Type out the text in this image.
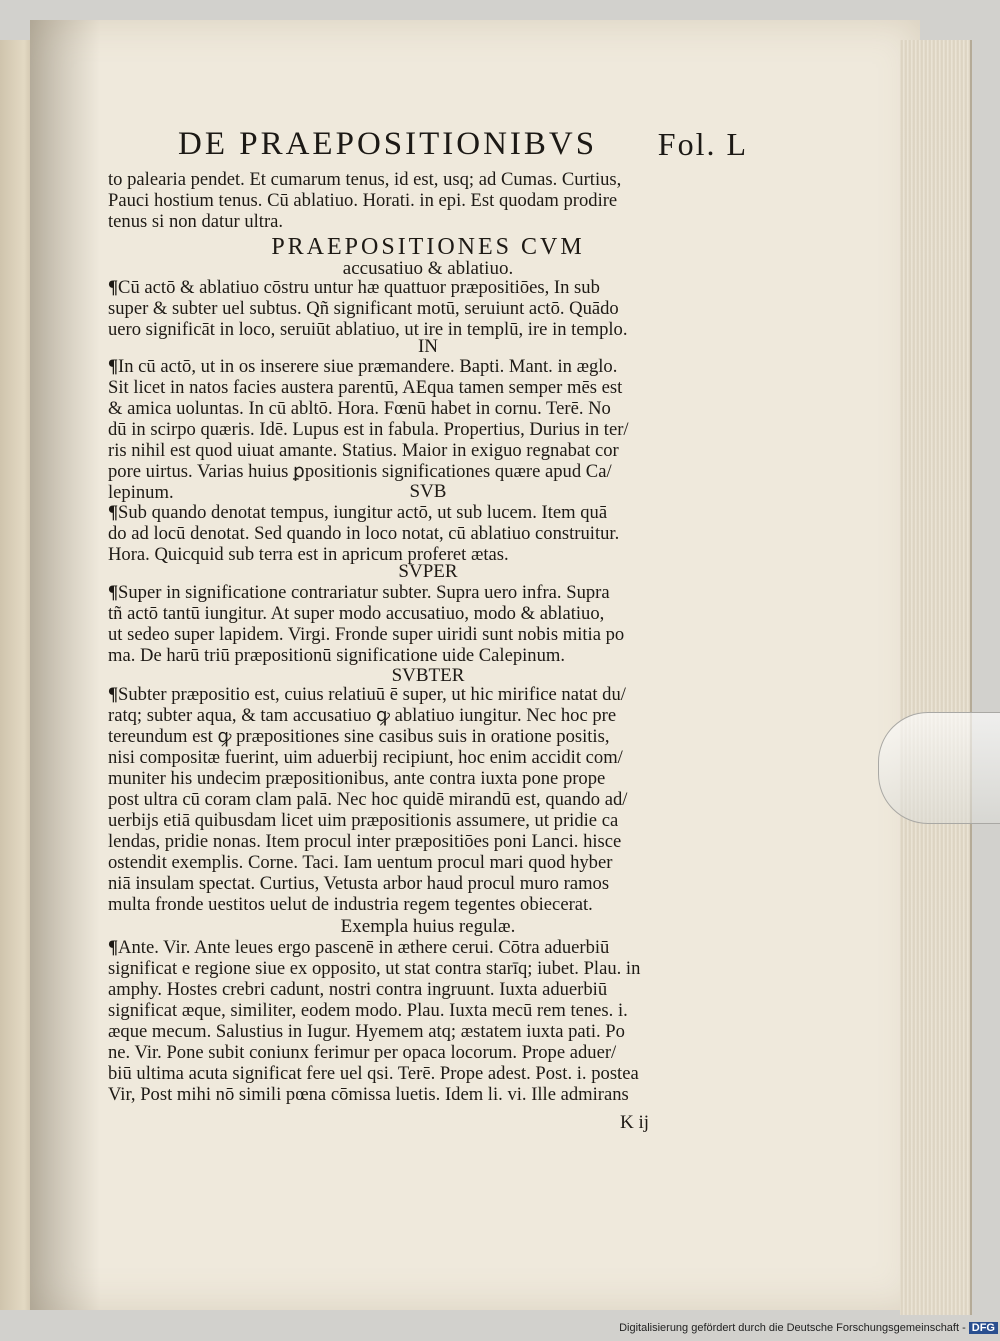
DE PRAEPOSITIONIBVS Fol. L
to palearia pendet. Et cumarum tenus, id est, usq; ad Cumas. Curtius,
Pauci hostium tenus. Cū ablatiuo. Horati. in epi. Est quodam prodire
tenus si non datur ultra.
PRAEPOSITIONES CVM
accusatiuo & ablatiuo.
¶Cū actō & ablatiuo cōstru untur hæ quattuor præpositiōes, In sub
super & subter uel subtus. Qñ significant motū, seruiunt actō. Quādo
uero significāt in loco, seruiūt ablatiuo, ut ire in templū, ire in templo.
IN
¶In cū actō, ut in os inserere siue præmandere. Bapti. Mant. in æglo.
Sit licet in natos facies austera parentū, AEqua tamen semper mēs est
& amica uoluntas. In cū abltō. Hora. Fœnū habet in cornu. Terē. No
dū in scirpo quæris. Idē. Lupus est in fabula. Propertius, Durius in ter/
ris nihil est quod uiuat amante. Statius. Maior in exiguo regnabat cor
pore uirtus. Varias huius ꝑpositionis significationes quære apud Ca/
lepinum.	SVB
¶Sub quando denotat tempus, iungitur actō, ut sub lucem. Item quā
do ad locū denotat. Sed quando in loco notat, cū ablatiuo construitur.
Hora. Quicquid sub terra est in apricum proferet ætas.
SVPER
¶Super in significatione contrariatur subter. Supra uero infra. Supra
tñ actō tantū iungitur. At super modo accusatiuo, modo & ablatiuo,
ut sedeo super lapidem. Virgi. Fronde super uiridi sunt nobis mitia po
ma. De harū triū præpositionū significatione uide Calepinum.
SVBTER
¶Subter præpositio est, cuius relatiuū ē super, ut hic mirifice natat du/
ratq; subter aqua, & tam accusatiuo ꝙ ablatiuo iungitur. Nec hoc pre
tereundum est ꝙ præpositiones sine casibus suis in oratione positis,
nisi compositæ fuerint, uim aduerbij recipiunt, hoc enim accidit com/
muniter his undecim præpositionibus, ante contra iuxta pone prope
post ultra cū coram clam palā. Nec hoc quidē mirandū est, quando ad/
uerbijs etiā quibusdam licet uim præpositionis assumere, ut pridie ca
lendas, pridie nonas. Item procul inter præpositiōes poni Lanci. hisce
ostendit exemplis. Corne. Taci. Iam uentum procul mari quod hyber
niā insulam spectat. Curtius, Vetusta arbor haud procul muro ramos
multa fronde uestitos uelut de industria regem tegentes obiecerat.
Exempla huius regulæ.
¶Ante. Vir. Ante leues ergo pascenē in æthere cerui. Cōtra aduerbiū
significat e regione siue ex opposito, ut stat contra starīq; iubet. Plau. in
amphy. Hostes crebri cadunt, nostri contra ingruunt. Iuxta aduerbiū
significat æque, similiter, eodem modo. Plau. Iuxta mecū rem tenes. i.
æque mecum. Salustius in Iugur. Hyemem atq; æstatem iuxta pati. Po
ne. Vir. Pone subit coniunx ferimur per opaca locorum. Prope aduer/
biū ultima acuta significat fere uel qsi. Terē. Prope adest. Post. i. postea
Vir, Post mihi nō simili pœna cōmissa luetis. Idem li. vi. Ille admirans
K ij
Digitalisierung gefördert durch die Deutsche Forschungsgemeinschaft - DFG
